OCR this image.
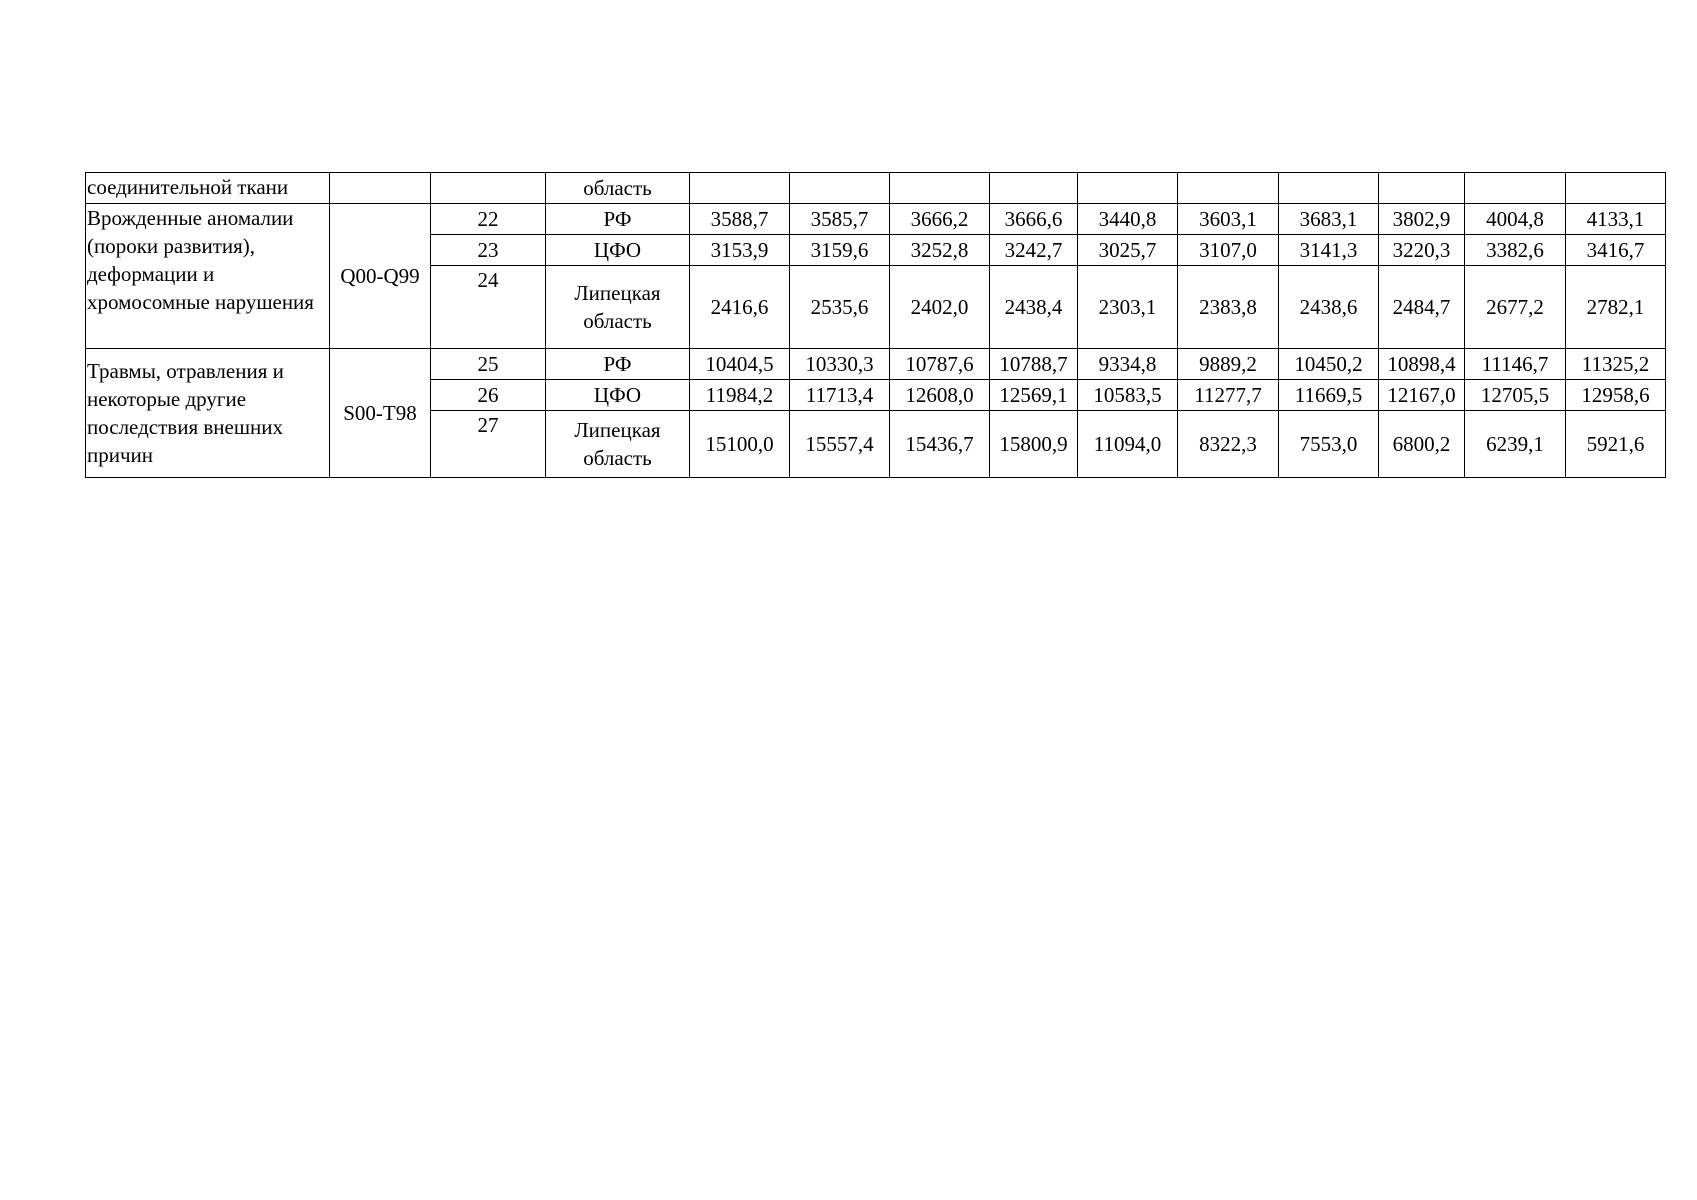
соединительной ткани			область										
Врожденные аномалии (пороки развития), деформации и хромосомные нарушения	Q00-Q99	22	РФ	3588,7	3585,7	3666,2	3666,6	3440,8	3603,1	3683,1	3802,9	4004,8	4133,1
		23	ЦФО	3153,9	3159,6	3252,8	3242,7	3025,7	3107,0	3141,3	3220,3	3382,6	3416,7
		24	Липецкая область	2416,6	2535,6	2402,0	2438,4	2303,1	2383,8	2438,6	2484,7	2677,2	2782,1
Травмы, отравления и некоторые другие последствия внешних причин	S00-T98	25	РФ	10404,5	10330,3	10787,6	10788,7	9334,8	9889,2	10450,2	10898,4	11146,7	11325,2
		26	ЦФО	11984,2	11713,4	12608,0	12569,1	10583,5	11277,7	11669,5	12167,0	12705,5	12958,6
		27	Липецкая область	15100,0	15557,4	15436,7	15800,9	11094,0	8322,3	7553,0	6800,2	6239,1	5921,6
